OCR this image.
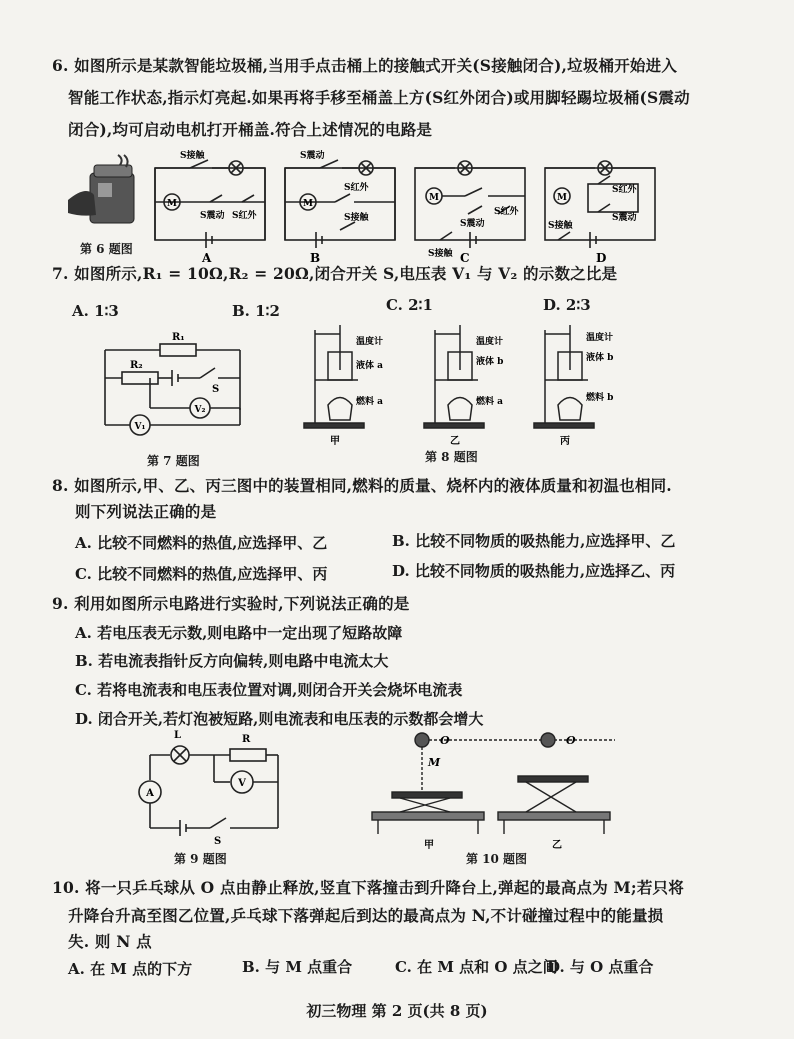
6. 如图所示是某款智能垃圾桶,当用手点击桶上的接触式开关(S接触闭合),垃圾桶开始进入
智能工作状态,指示灯亮起.如果再将手移至桶盖上方(S红外闭合)或用脚轻踢垃圾桶(S震动
闭合),均可启动电机打开桶盖.符合上述情况的电路是
第 6 题图
M
S接触
S震动 S红外
A
M
S震动
S红外
S接触
B
M
S震动
S红外
S接触 C
M
S红外
S震动
S接触
D
7. 如图所示,R₁ = 10Ω,R₂ = 20Ω,闭合开关 S,电压表 V₁ 与 V₂ 的示数之比是
A. 1∶3	B. 1∶2	C. 2∶1	D. 2∶3
R₁
R₂
S
V₂
V₁
第 7 题图
温度计
液体 a
燃料 a
温度计
液体 b
燃料 a
温度计
液体 b
燃料 b
甲	乙	丙
第 8 题图
8. 如图所示,甲、乙、丙三图中的装置相同,燃料的质量、烧杯内的液体质量和初温也相同.
则下列说法正确的是
A. 比较不同燃料的热值,应选择甲、乙	B. 比较不同物质的吸热能力,应选择甲、乙
C. 比较不同燃料的热值,应选择甲、丙	D. 比较不同物质的吸热能力,应选择乙、丙
9. 利用如图所示电路进行实验时,下列说法正确的是
A. 若电压表无示数,则电路中一定出现了短路故障
B. 若电流表指针反方向偏转,则电路中电流太大
C. 若将电流表和电压表位置对调,则闭合开关会烧坏电流表
D. 闭合开关,若灯泡被短路,则电流表和电压表的示数都会增大
L	R
A
V
S
第 9 题图
O	O
M
甲	乙
第 10 题图
10. 将一只乒乓球从 O 点由静止释放,竖直下落撞击到升降台上,弹起的最高点为 M;若只将
升降台升高至图乙位置,乒乓球下落弹起后到达的最高点为 N,不计碰撞过程中的能量损
失. 则 N 点
A. 在 M 点的下方	B. 与 M 点重合	C. 在 M 点和 O 点之间
D. 与 O 点重合
初三物理 第 2 页(共 8 页)
